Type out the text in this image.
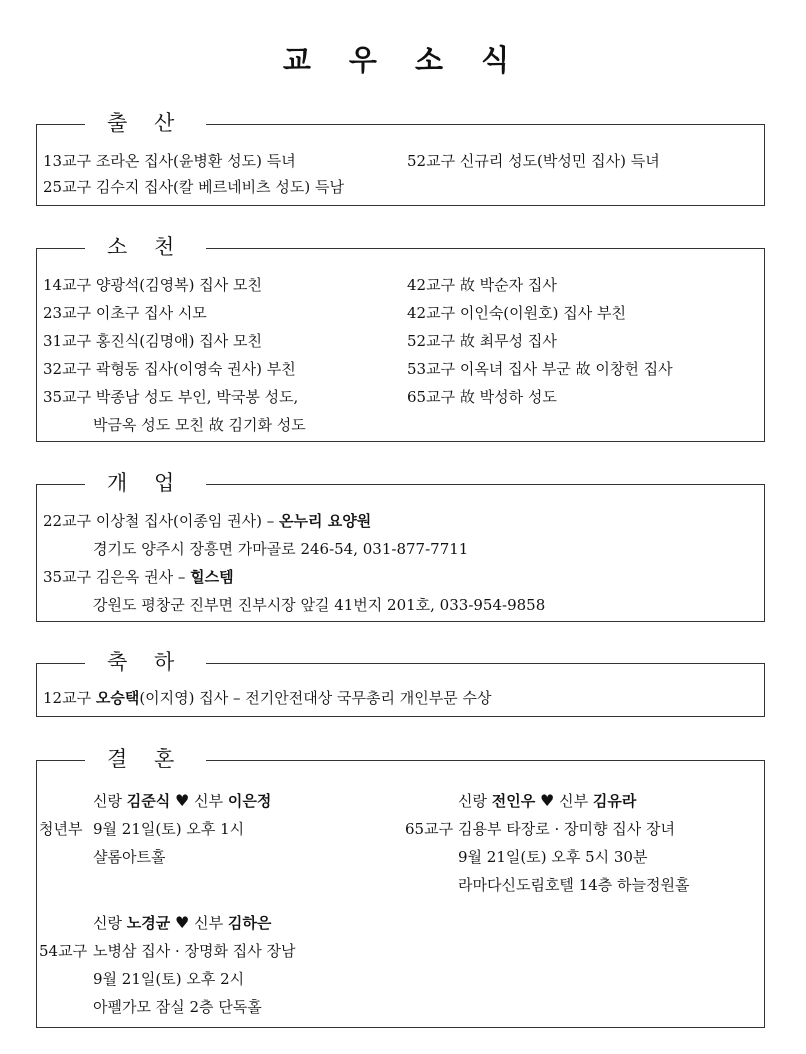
교 우 소 식
출 산
13교구 조라온 집사(윤병환 성도) 득녀
25교구 김수지 집사(칼 베르네비츠 성도) 득남
52교구 신규리 성도(박성민 집사) 득녀
소 천
14교구 양광석(김영복) 집사 모친
23교구 이초구 집사 시모
31교구 홍진식(김명애) 집사 모친
32교구 곽형동 집사(이영숙 권사) 부친
35교구 박종남 성도 부인, 박국봉 성도,
박금옥 성도 모친 故 김기화 성도
42교구 故 박순자 집사
42교구 이인숙(이원호) 집사 부친
52교구 故 최무성 집사
53교구 이옥녀 집사 부군 故 이창헌 집사
65교구 故 박성하 성도
개 업
22교구 이상철 집사(이종임 권사) – 온누리 요양원
경기도 양주시 장흥면 가마골로 246-54, 031-877-7711
35교구 김은옥 권사 – 힐스템
강원도 평창군 진부면 진부시장 앞길 41번지 201호, 033-954-9858
축 하
12교구 오승택(이지영) 집사 – 전기안전대상 국무총리 개인부문 수상
결 혼
신랑 김준식 ♥ 신부 이은정
청년부 9월 21일(토) 오후 1시
샬롬아트홀
신랑 전인우 ♥ 신부 김유라
65교구 김용부 타장로 · 장미향 집사 장녀
9월 21일(토) 오후 5시 30분
라마다신도림호텔 14층 하늘정원홀
신랑 노경균 ♥ 신부 김하은
54교구 노병삼 집사 · 장명화 집사 장남
9월 21일(토) 오후 2시
아펠가모 잠실 2층 단독홀
